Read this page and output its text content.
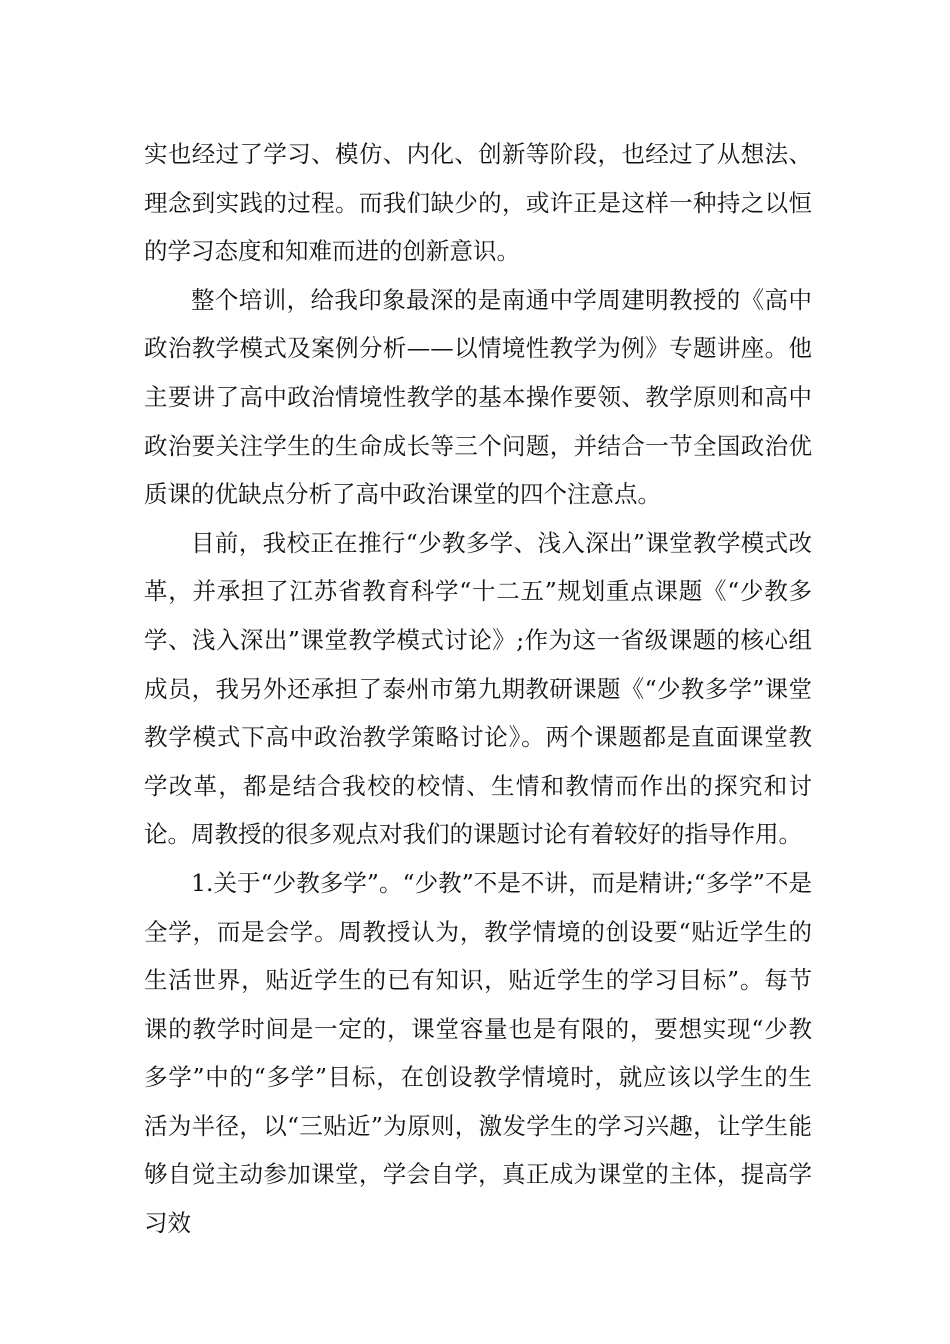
实也经过了学习、模仿、内化、创新等阶段，也经过了从想法、理念到实践的过程。而我们缺少的，或许正是这样一种持之以恒的学习态度和知难而进的创新意识。

整个培训，给我印象最深的是南通中学周建明教授的《高中政治教学模式及案例分析——以情境性教学为例》专题讲座。他主要讲了高中政治情境性教学的基本操作要领、教学原则和高中政治要关注学生的生命成长等三个问题，并结合一节全国政治优质课的优缺点分析了高中政治课堂的四个注意点。

目前，我校正在推行“少教多学、浅入深出”课堂教学模式改革，并承担了江苏省教育科学“十二五”规划重点课题《“少教多学、浅入深出”课堂教学模式讨论》;作为这一省级课题的核心组成员，我另外还承担了泰州市第九期教研课题《“少教多学”课堂教学模式下高中政治教学策略讨论》。两个课题都是直面课堂教学改革，都是结合我校的校情、生情和教情而作出的探究和讨论。周教授的很多观点对我们的课题讨论有着较好的指导作用。

1.关于“少教多学”。“少教”不是不讲，而是精讲;“多学”不是全学，而是会学。周教授认为，教学情境的创设要“贴近学生的生活世界，贴近学生的已有知识，贴近学生的学习目标”。每节课的教学时间是一定的，课堂容量也是有限的，要想实现“少教多学”中的“多学”目标，在创设教学情境时，就应该以学生的生活为半径，以“三贴近”为原则，激发学生的学习兴趣，让学生能够自觉主动参加课堂，学会自学，真正成为课堂的主体，提高学习效
